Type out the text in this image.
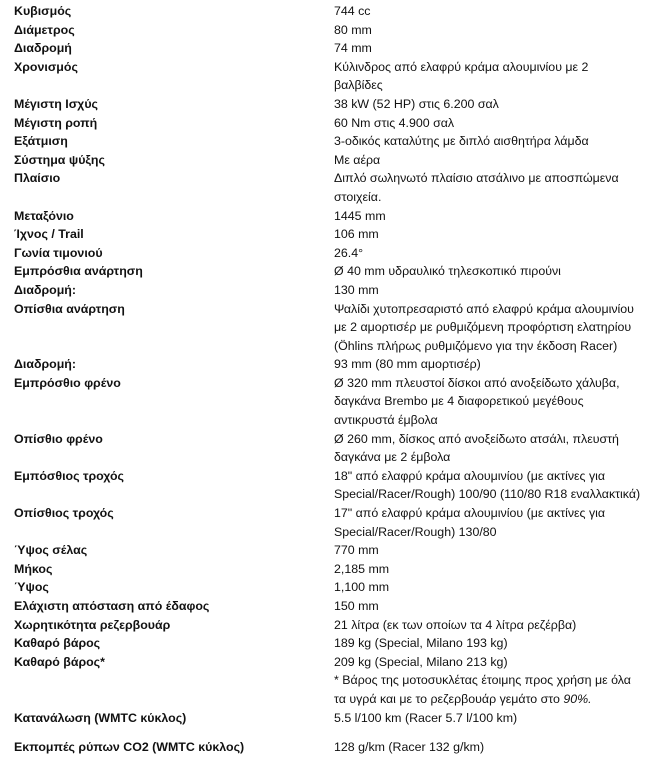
Κυβισμός	744 cc
Διάμετρος	80 mm
Διαδρομή	74 mm
Χρονισμός	Κύλινδρος από ελαφρύ κράμα αλουμινίου με 2
βαλβίδες
Μέγιστη Ισχύς	38 kW (52 HP) στις 6.200 σαλ
Μέγιστη ροπή	60 Nm στις 4.900 σαλ
Εξάτμιση	3-οδικός καταλύτης με διπλό αισθητήρα λάμδα
Σύστημα ψύξης	Με αέρα
Πλαίσιο	Διπλό σωληνωτό πλαίσιο ατσάλινο με αποσπώμενα
στοιχεία.
Μεταξόνιο	1445 mm
Ίχνος / Trail	106 mm
Γωνία τιμονιού	26.4°
Εμπρόσθια ανάρτηση	Ø 40 mm υδραυλικό τηλεσκοπικό πιρούνι
Διαδρομή:	130 mm
Οπίσθια ανάρτηση	Ψαλίδι χυτοπρεσαριστό από ελαφρύ κράμα αλουμινίου
με 2 αμορτισέρ με ρυθμιζόμενη προφόρτιση ελατηρίου
(Öhlins πλήρως ρυθμιζόμενο για την έκδοση Racer)
Διαδρομή:	93 mm (80 mm αμορτισέρ)
Εμπρόσθιο φρένο	Ø 320 mm πλευστοί δίσκοι από ανοξείδωτο χάλυβα,
δαγκάνα Brembo με 4 διαφορετικού μεγέθους
αντικρυστά έμβολα
Οπίσθιο φρένο	Ø 260 mm, δίσκος από ανοξείδωτο ατσάλι, πλευστή
δαγκάνα με 2 έμβολα
Εμπόσθιος τροχός	18" από ελαφρύ κράμα αλουμινίου (με ακτίνες για
Special/Racer/Rough) 100/90 (110/80 R18 εναλλακτικά)
Οπίσθιος τροχός	17" από ελαφρύ κράμα αλουμινίου (με ακτίνες για
Special/Racer/Rough) 130/80
Ύψος σέλας	770 mm
Μήκος	2,185 mm
Ύψος	1,100 mm
Ελάχιστη απόσταση από έδαφος	150 mm
Χωρητικότητα ρεζερβουάρ	21 λίτρα (εκ των οποίων τα 4 λίτρα ρεζέρβα)
Καθαρό βάρος	189 kg (Special, Milano 193 kg)
Καθαρό βάρος*	209 kg (Special, Milano 213 kg)
* Βάρος της μοτοσυκλέτας έτοιμης προς χρήση με όλα
τα υγρά και με το ρεζερβουάρ γεμάτο στο 90%.
Κατανάλωση (WMTC κύκλος)	5.5 l/100 km (Racer 5.7 l/100 km)
Εκπομπές ρύπων CO2 (WMTC κύκλος)	128 g/km (Racer 132 g/km)
